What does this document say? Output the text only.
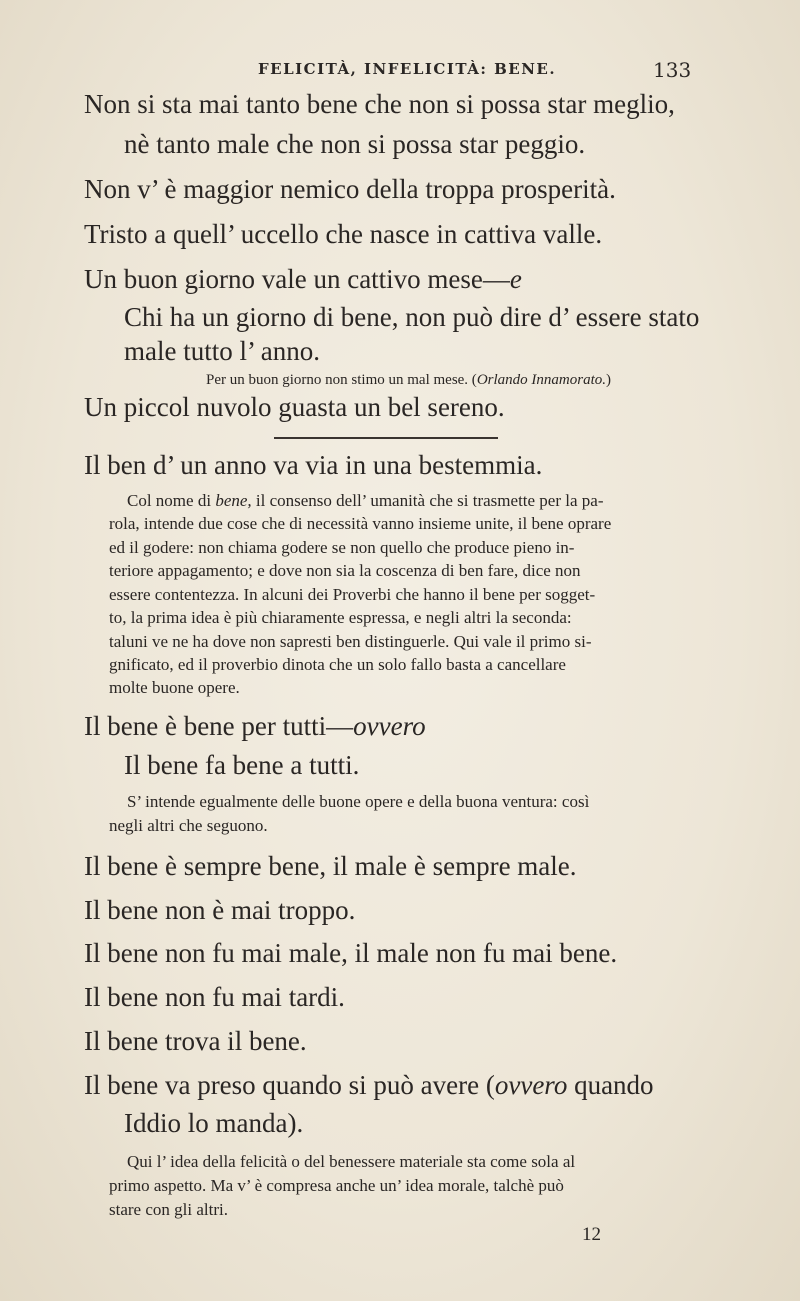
FELICITÀ, INFELICITÀ: BENE.	133
Non si sta mai tanto bene che non si possa star meglio,
nè tanto male che non si possa star peggio.
Non v’ è maggior nemico della troppa prosperità.
Tristo a quell’ uccello che nasce in cattiva valle.
Un buon giorno vale un cattivo mese—e
Chi ha un giorno di bene, non può dire d’ essere stato
male tutto l’ anno.
Per un buon giorno non stimo un mal mese. (Orlando Innamorato.)
Un piccol nuvolo guasta un bel sereno.
Il ben d’ un anno va via in una bestemmia.
Col nome di bene, il consenso dell’ umanità che si trasmette per la pa-
rola, intende due cose che di necessità vanno insieme unite, il bene oprare
ed il godere: non chiama godere se non quello che produce pieno in-
teriore appagamento; e dove non sia la coscenza di ben fare, dice non
essere contentezza. In alcuni dei Proverbi che hanno il bene per sogget-
to, la prima idea è più chiaramente espressa, e negli altri la seconda:
taluni ve ne ha dove non sapresti ben distinguerle. Qui vale il primo si-
gnificato, ed il proverbio dinota che un solo fallo basta a cancellare
molte buone opere.
Il bene è bene per tutti—ovvero
Il bene fa bene a tutti.
S’ intende egualmente delle buone opere e della buona ventura: così
negli altri che seguono.
Il bene è sempre bene, il male è sempre male.
Il bene non è mai troppo.
Il bene non fu mai male, il male non fu mai bene.
Il bene non fu mai tardi.
Il bene trova il bene.
Il bene va preso quando si può avere (ovvero quando
Iddio lo manda).
Qui l’ idea della felicità o del benessere materiale sta come sola al
primo aspetto. Ma v’ è compresa anche un’ idea morale, talchè può
stare con gli altri.
12
